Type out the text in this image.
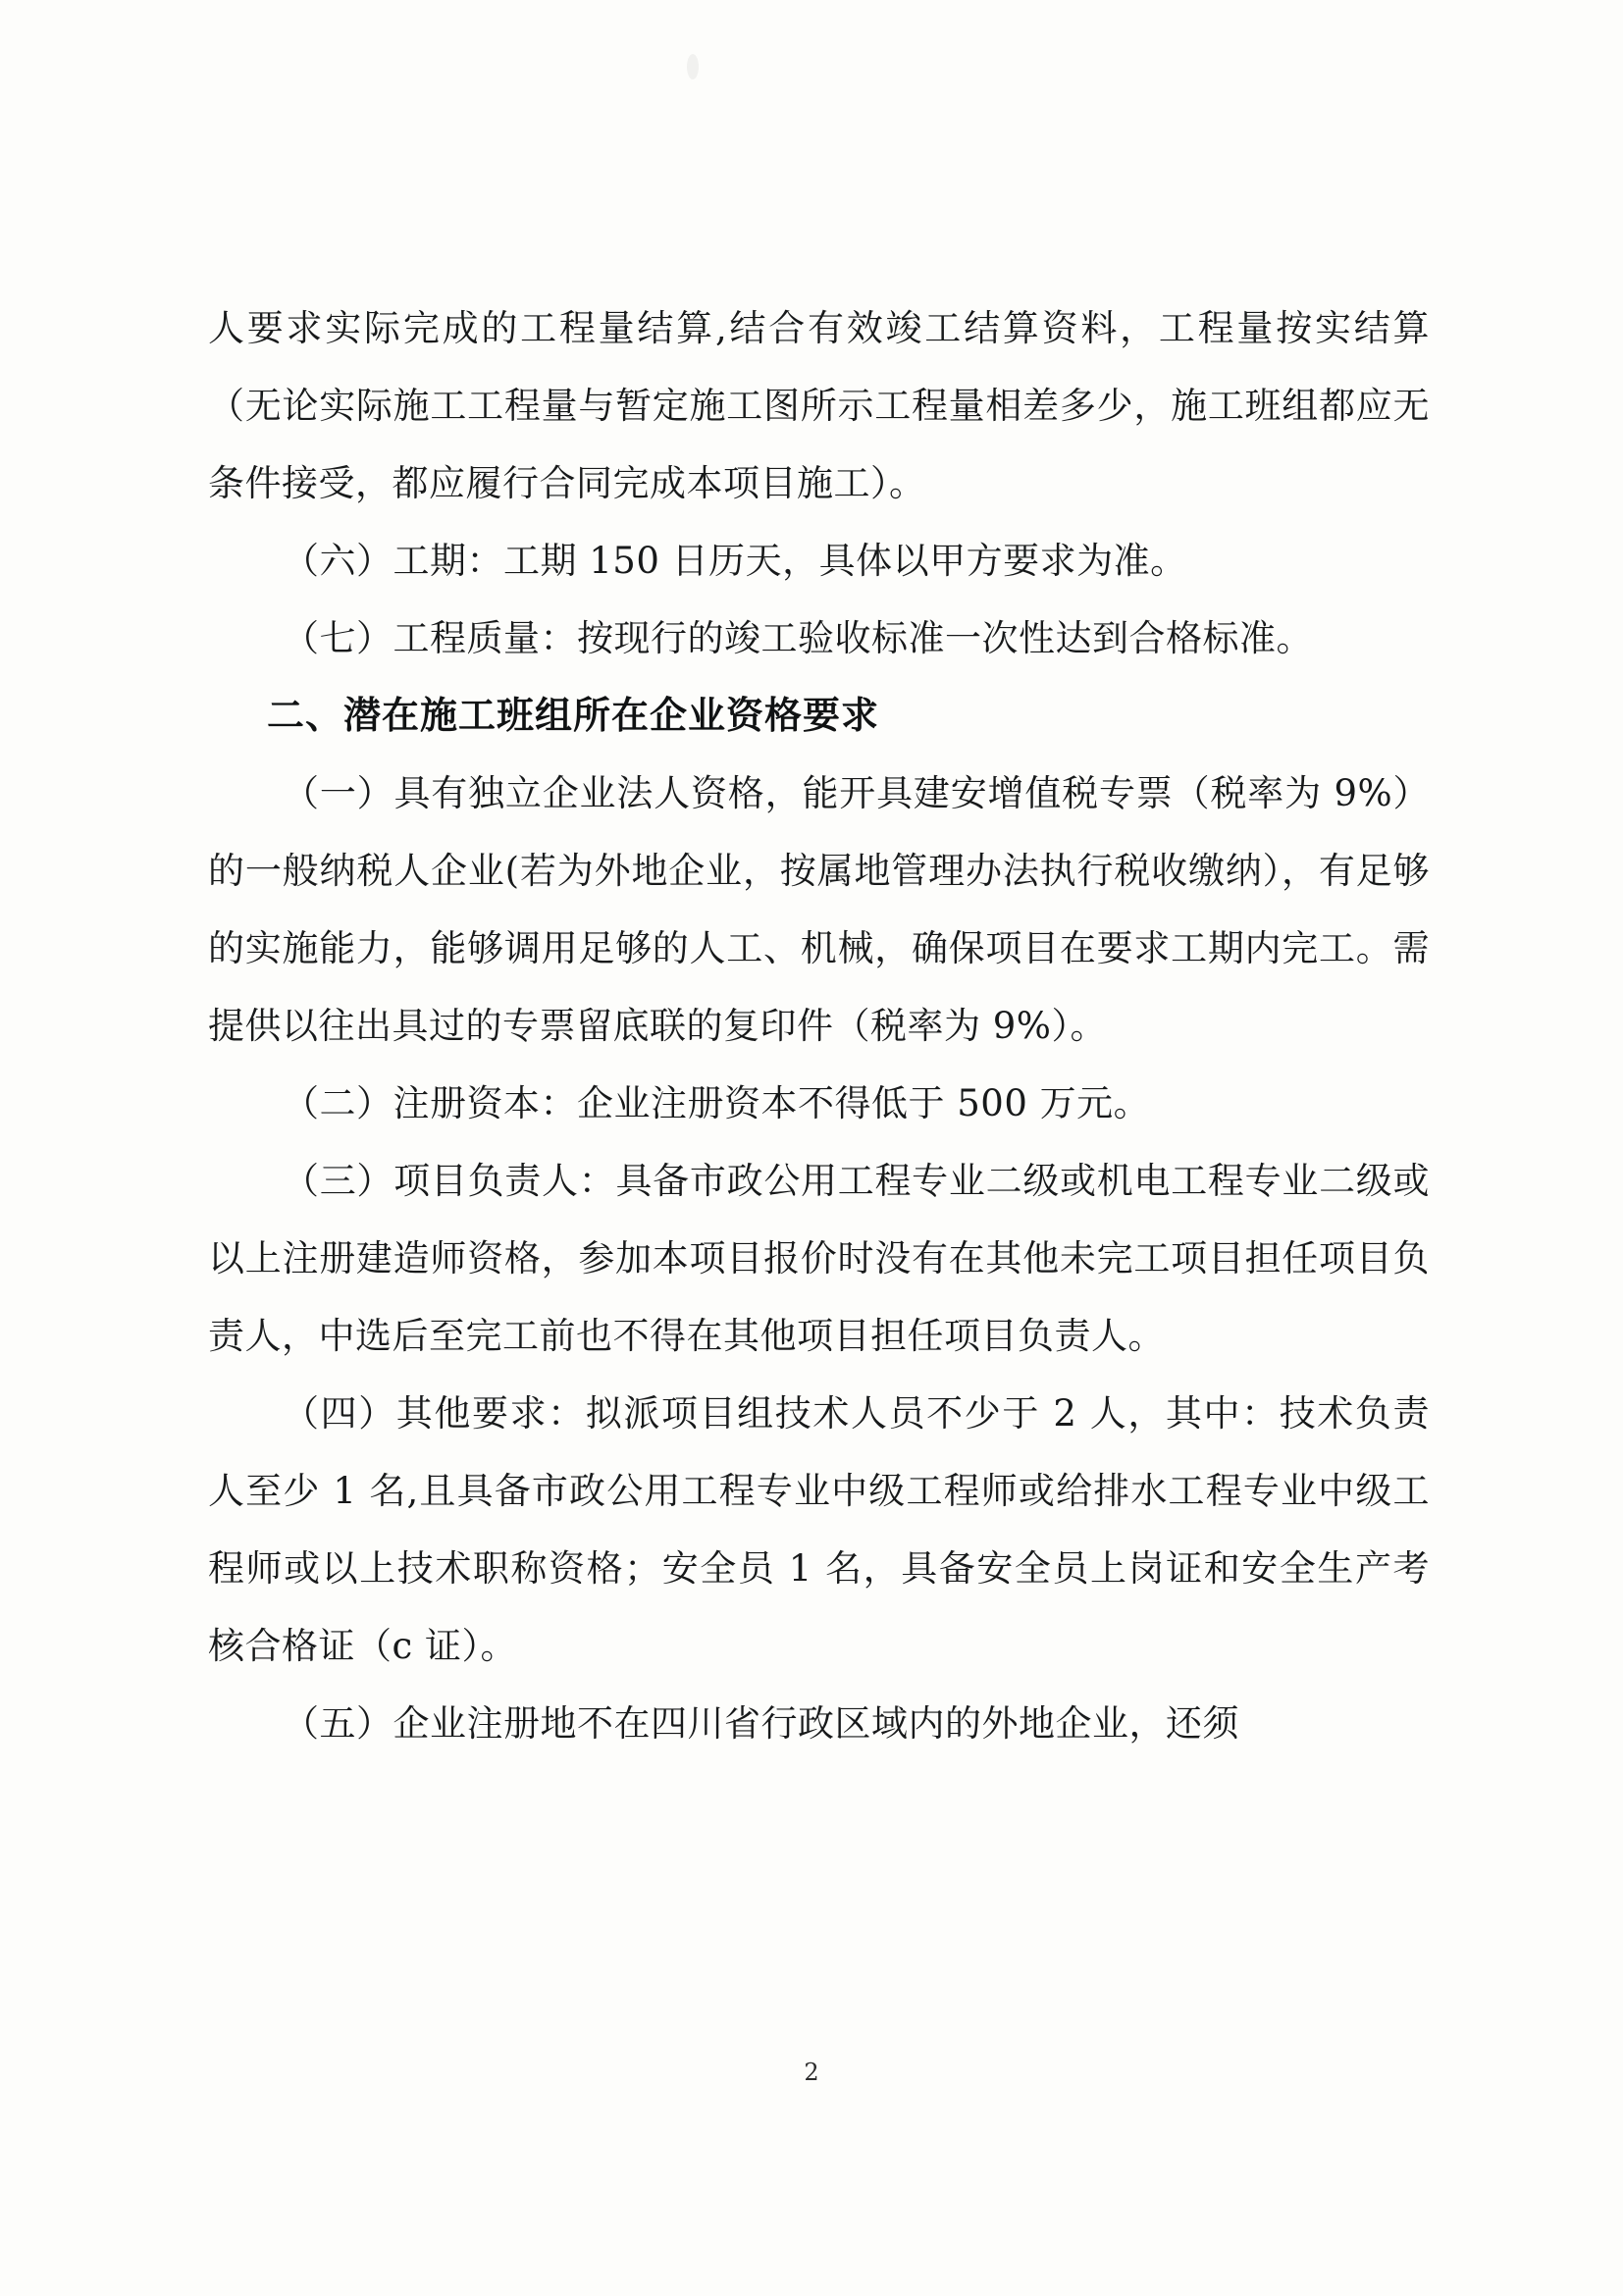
人要求实际完成的工程量结算,结合有效竣工结算资料，工程量按实结算（无论实际施工工程量与暂定施工图所示工程量相差多少，施工班组都应无条件接受，都应履行合同完成本项目施工）。

（六）工期：工期 150 日历天，具体以甲方要求为准。

（七）工程质量：按现行的竣工验收标准一次性达到合格标准。

二、潜在施工班组所在企业资格要求

（一）具有独立企业法人资格，能开具建安增值税专票（税率为 9%）的一般纳税人企业(若为外地企业，按属地管理办法执行税收缴纳），有足够的实施能力，能够调用足够的人工、机械，确保项目在要求工期内完工。需提供以往出具过的专票留底联的复印件（税率为 9%）。

（二）注册资本：企业注册资本不得低于 500 万元。

（三）项目负责人：具备市政公用工程专业二级或机电工程专业二级或以上注册建造师资格，参加本项目报价时没有在其他未完工项目担任项目负责人，中选后至完工前也不得在其他项目担任项目负责人。

（四）其他要求：拟派项目组技术人员不少于 2 人，其中：技术负责人至少 1 名,且具备市政公用工程专业中级工程师或给排水工程专业中级工程师或以上技术职称资格；安全员 1 名，具备安全员上岗证和安全生产考核合格证（c 证）。

（五）企业注册地不在四川省行政区域内的外地企业，还须

2
